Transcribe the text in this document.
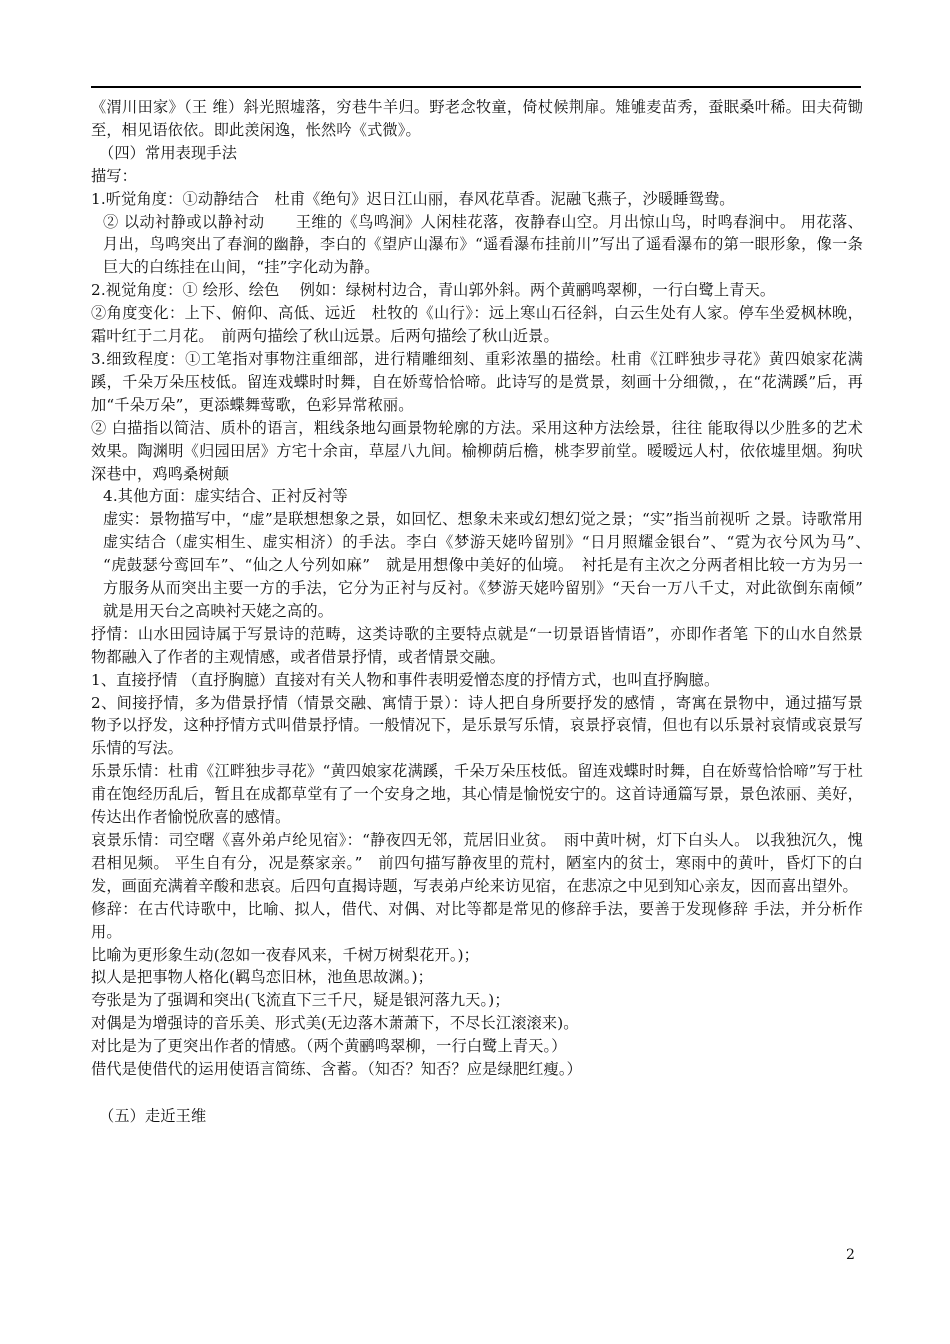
《渭川田家》（王 维）斜光照墟落，穷巷牛羊归。野老念牧童，倚杖候荆扉。雉雊麦苗秀，蚕眠桑叶稀。田夫荷锄至，相见语依依。即此羡闲逸，怅然吟《式微》。

（四）常用表现手法

描写：

1.听觉角度：①动静结合　杜甫《绝句》迟日江山丽，春风花草香。泥融飞燕子，沙暖睡鸳鸯。

② 以动衬静或以静衬动　　王维的《鸟鸣涧》人闲桂花落，夜静春山空。月出惊山鸟，时鸣春涧中。 用花落、月出，鸟鸣突出了春涧的幽静，李白的《望庐山瀑布》“遥看瀑布挂前川”写出了遥看瀑布的第一眼形象，像一条巨大的白练挂在山间，“挂”字化动为静。

2.视觉角度：① 绘形、绘色　 例如：绿树村边合，青山郭外斜。两个黄鹂鸣翠柳，一行白鹭上青天。

②角度变化：上下、俯仰、高低、远近　杜牧的《山行》：远上寒山石径斜，白云生处有人家。停车坐爱枫林晚，霜叶红于二月花。　前两句描绘了秋山远景。后两句描绘了秋山近景。

3.细致程度：①工笔指对事物注重细部，进行精雕细刻、重彩浓墨的描绘。杜甫《江畔独步寻花》黄四娘家花满蹊，千朵万朵压枝低。留连戏蝶时时舞，自在娇莺恰恰啼。此诗写的是赏景，刻画十分细微，，在“花满蹊”后，再加“千朵万朵”，更添蝶舞莺歌，色彩异常秾丽。

② 白描指以简洁、质朴的语言，粗线条地勾画景物轮廓的方法。采用这种方法绘景，往往 能取得以少胜多的艺术效果。陶渊明《归园田居》方宅十余亩，草屋八九间。榆柳荫后檐，桃李罗前堂。暧暧远人村，依依墟里烟。狗吠深巷中，鸡鸣桑树颠

4.其他方面：虚实结合、正衬反衬等

虚实：景物描写中，“虚”是联想想象之景，如回忆、想象未来或幻想幻觉之景；“实”指当前视听 之景。诗歌常用虚实结合（虚实相生、虚实相济）的手法。李白《梦游天姥吟留别》“日月照耀金银台”、“霓为衣兮风为马”、　“虎鼓瑟兮鸾回车”、“仙之人兮列如麻”　就是用想像中美好的仙境。　衬托是有主次之分两者相比较一方为另一方服务从而突出主要一方的手法，它分为正衬与反衬。《梦游天姥吟留别》“天台一万八千丈，对此欲倒东南倾”　就是用天台之高映衬天姥之高的。

抒情：山水田园诗属于写景诗的范畴，这类诗歌的主要特点就是“一切景语皆情语”，亦即作者笔 下的山水自然景物都融入了作者的主观情感，或者借景抒情，或者情景交融。

1、直接抒情 （直抒胸臆）直接对有关人物和事件表明爱憎态度的抒情方式，也叫直抒胸臆。

2、间接抒情，多为借景抒情（情景交融、寓情于景）：诗人把自身所要抒发的感情 ，寄寓在景物中，通过描写景物予以抒发，这种抒情方式叫借景抒情。一般情况下，是乐景写乐情，哀景抒哀情，但也有以乐景衬哀情或哀景写乐情的写法。

乐景乐情：杜甫《江畔独步寻花》“黄四娘家花满蹊，千朵万朵压枝低。留连戏蝶时时舞，自在娇莺恰恰啼”写于杜甫在饱经历乱后，暂且在成都草堂有了一个安身之地，其心情是愉悦安宁的。这首诗通篇写景，景色浓丽、美好，传达出作者愉悦欣喜的感情。

哀景乐情：司空曙《喜外弟卢纶见宿》：“静夜四无邻，荒居旧业贫。　雨中黄叶树，灯下白头人。 以我独沉久，愧君相见频。 平生自有分，况是蔡家亲。”　前四句描写静夜里的荒村，陋室内的贫士，寒雨中的黄叶，昏灯下的白发，画面充满着辛酸和悲哀。后四句直揭诗题，写表弟卢纶来访见宿，在悲凉之中见到知心亲友，因而喜出望外。

修辞：在古代诗歌中，比喻、拟人，借代、对偶、对比等都是常见的修辞手法，要善于发现修辞 手法，并分析作用。

比喻为更形象生动(忽如一夜春风来，千树万树梨花开。)；

拟人是把事物人格化(羁鸟恋旧林，池鱼思故渊。)；

夸张是为了强调和突出(飞流直下三千尺，疑是银河落九天。)；

对偶是为增强诗的音乐美、形式美(无边落木萧萧下，不尽长江滚滚来)。

对比是为了更突出作者的情感。（两个黄鹂鸣翠柳，一行白鹭上青天。）

借代是使借代的运用使语言简练、含蓄。（知否？知否？应是绿肥红瘦。）

（五）走近王维

2
